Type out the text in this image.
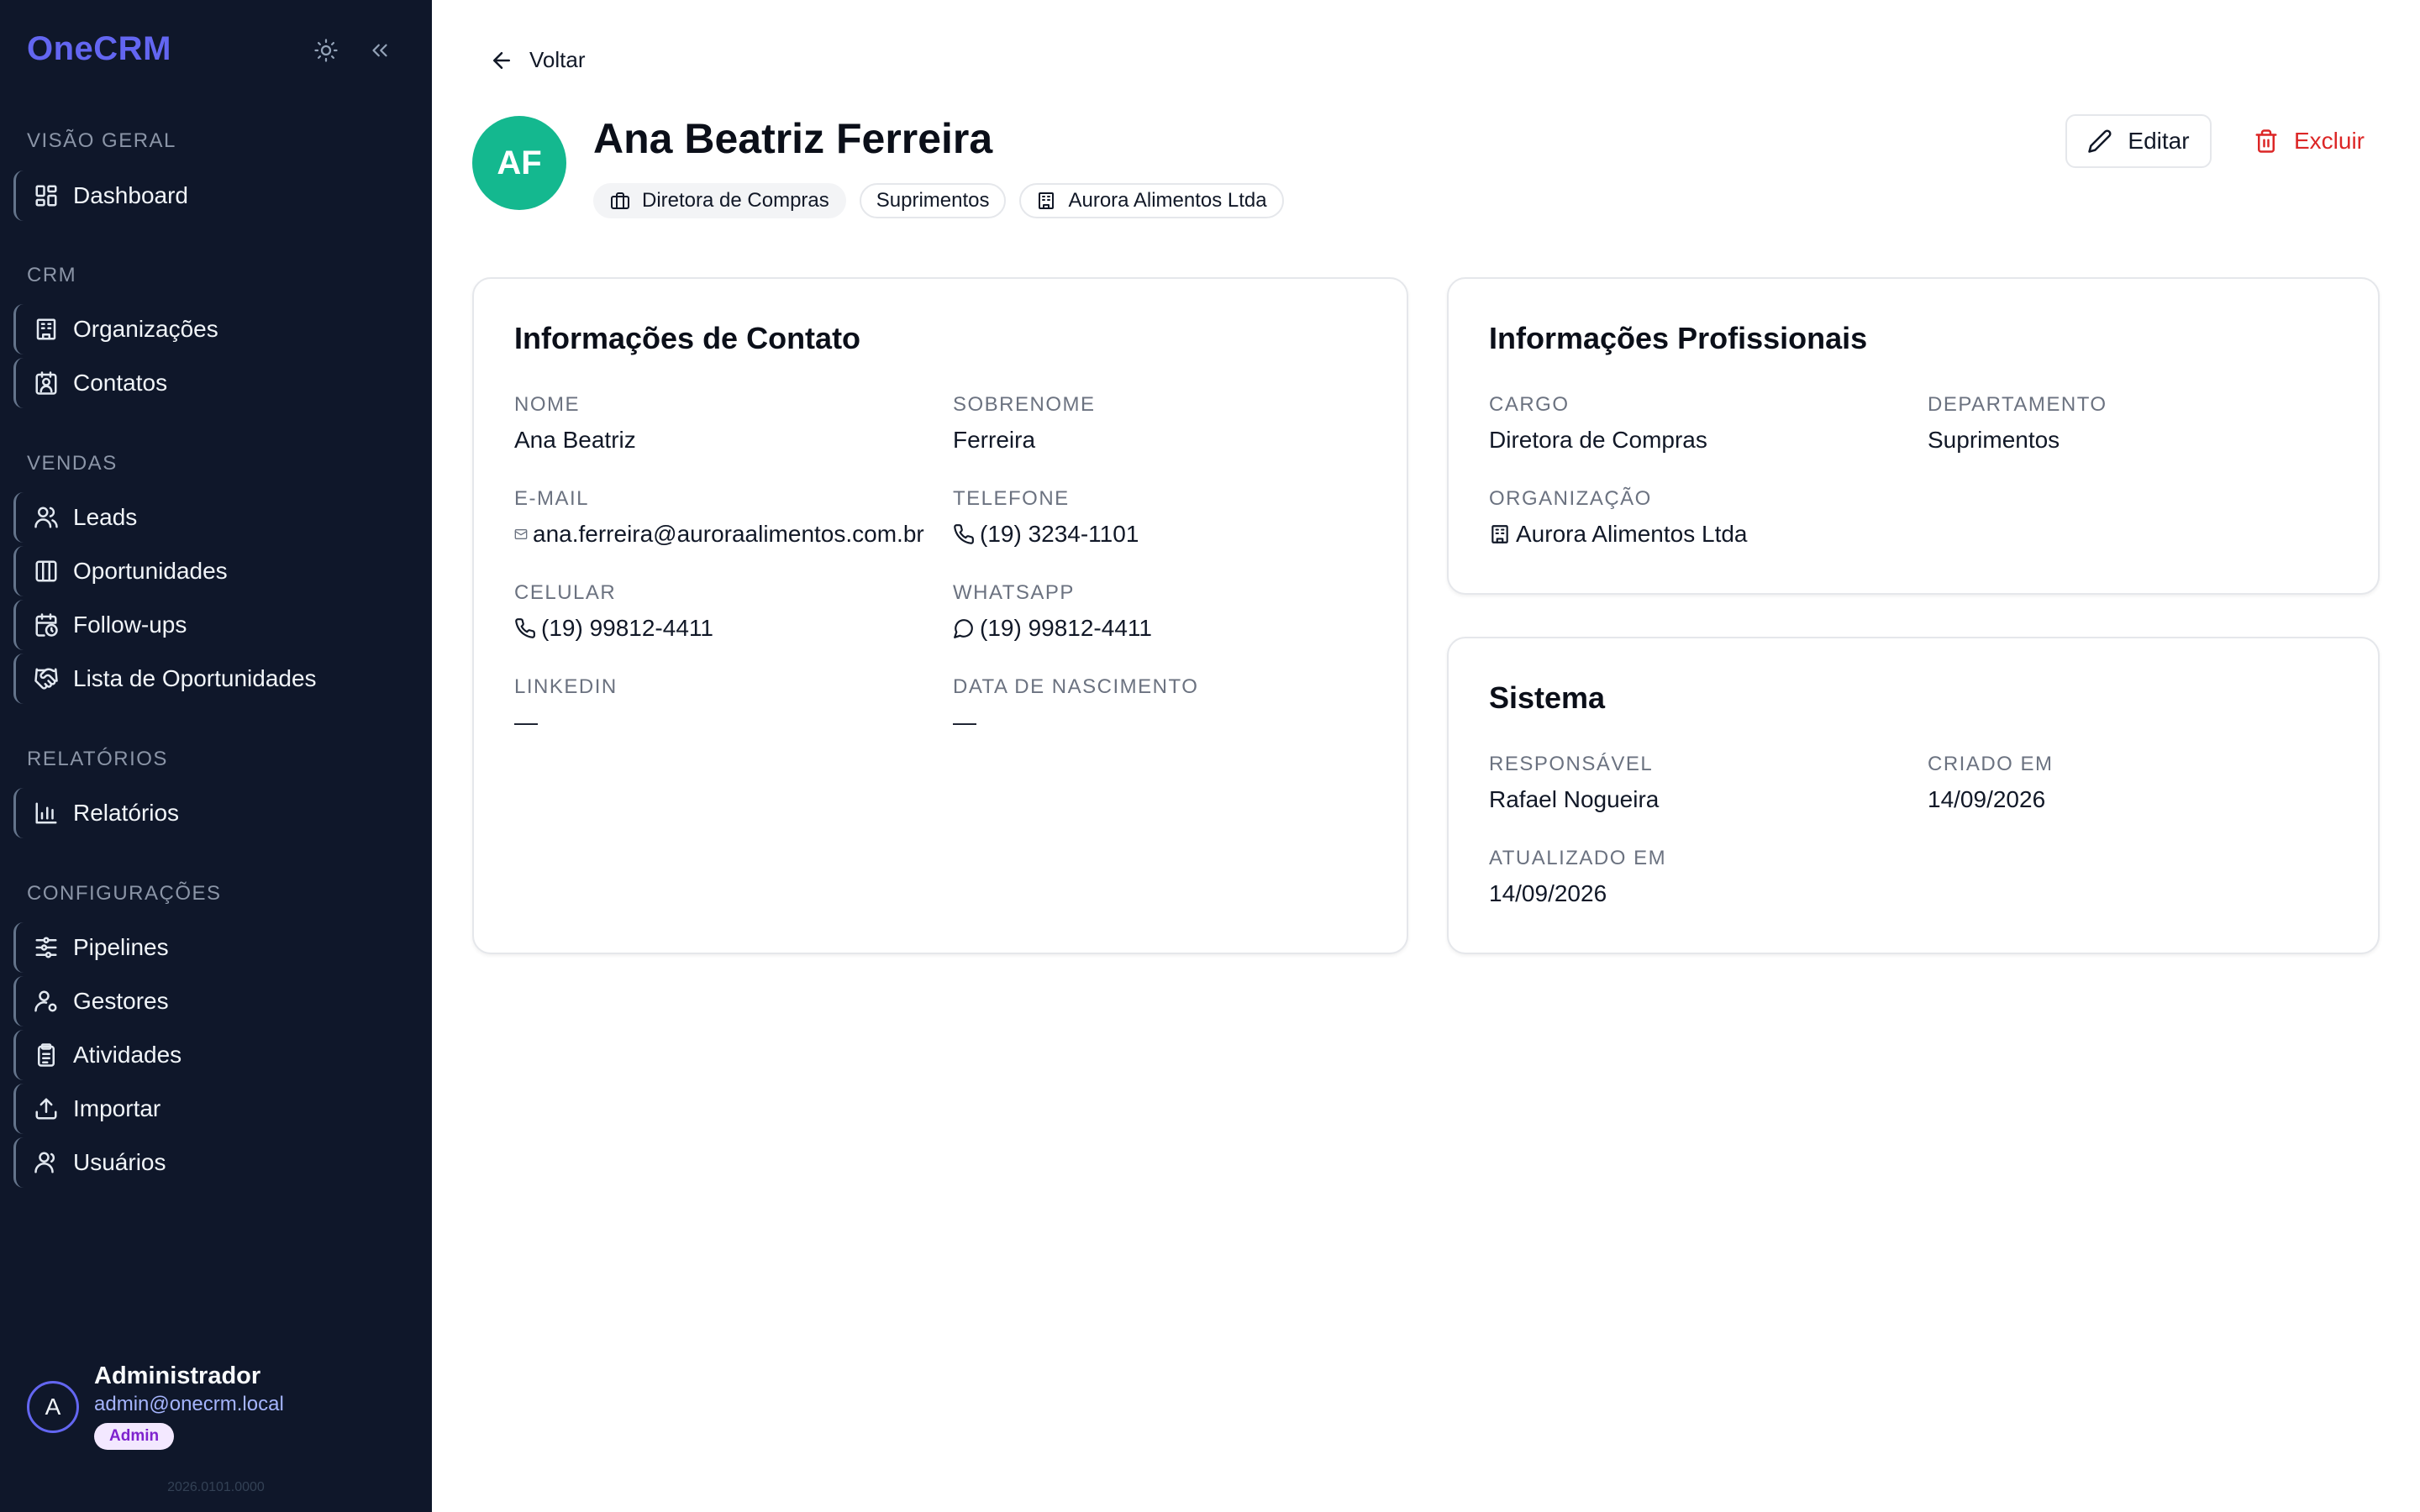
OneCRM
VISÃO GERAL
Dashboard
CRM
Organizações
Contatos
VENDAS
Leads
Oportunidades
Follow-ups
Lista de Oportunidades
RELATÓRIOS
Relatórios
CONFIGURAÇÕES
Pipelines
Gestores
Atividades
Importar
Usuários
A
Administrador
admin@onecrm.local
Admin
2026.0101.0000
Voltar
AF
Ana Beatriz Ferreira
Diretora de Compras Suprimentos	Aurora Alimentos Ltda
Editar	Excluir
Informações de Contato
NOME
Ana Beatriz
SOBRENOME
Ferreira
E-MAIL
ana.ferreira@auroraalimentos.com.br
TELEFONE
(19) 3234-1101
CELULAR
(19) 99812-4411
WHATSAPP
(19) 99812-4411
LINKEDIN
—
DATA DE NASCIMENTO
—
Informações Profissionais
CARGO
Diretora de Compras
DEPARTAMENTO
Suprimentos
ORGANIZAÇÃO
Aurora Alimentos Ltda
Sistema
RESPONSÁVEL
Rafael Nogueira
CRIADO EM
14/09/2026
ATUALIZADO EM
14/09/2026
